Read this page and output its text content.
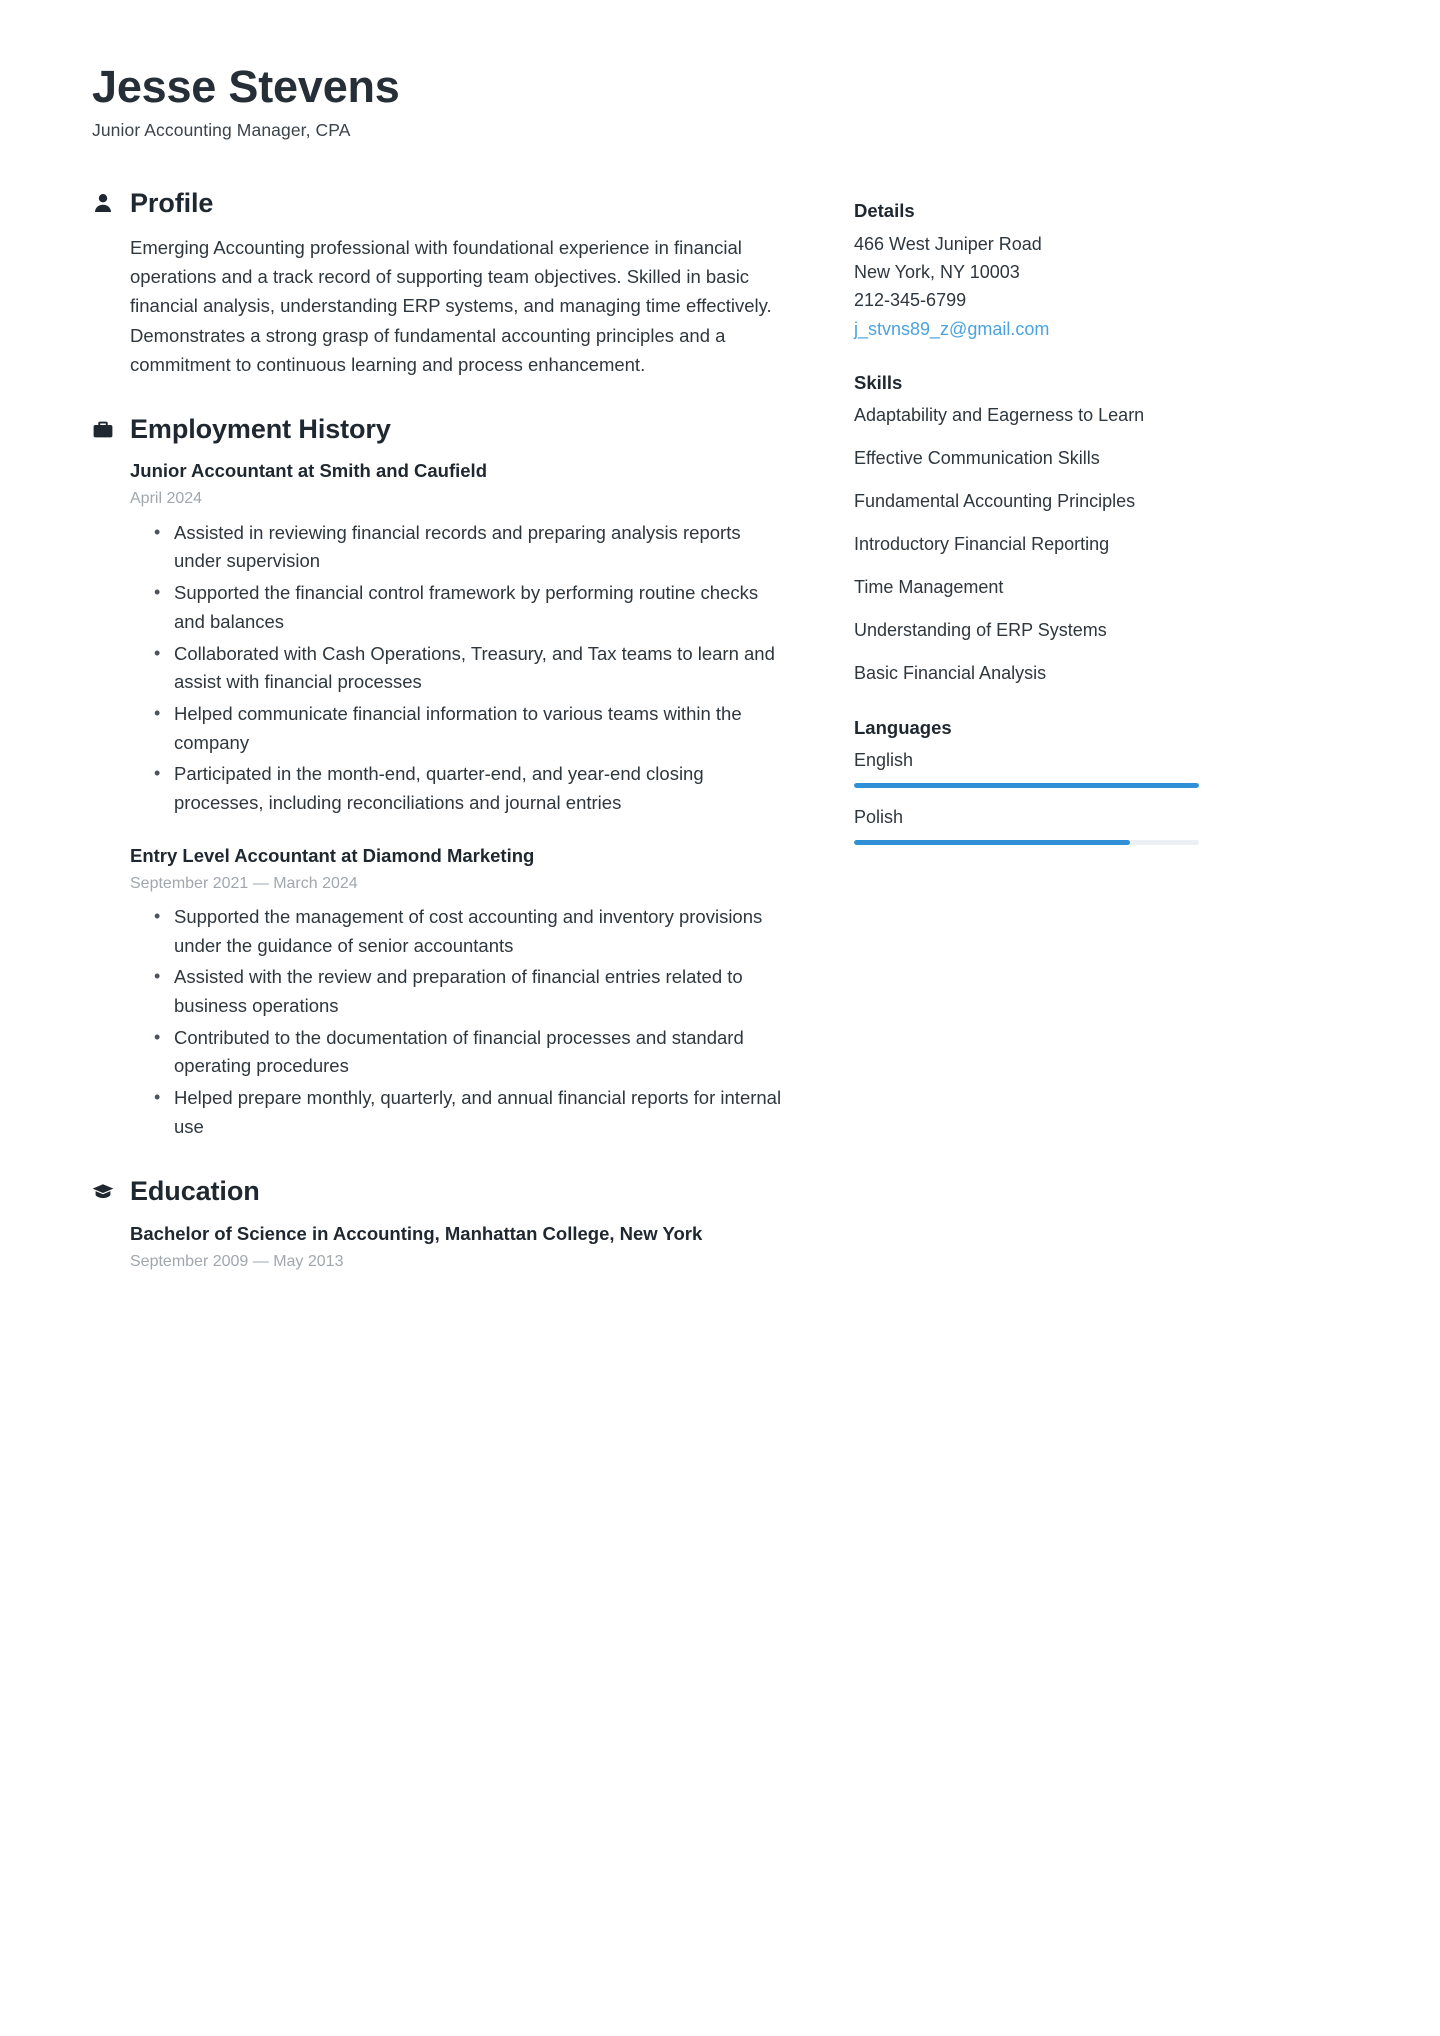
Jesse Stevens

Junior Accounting Manager, CPA

Profile

Emerging Accounting professional with foundational experience in financial operations and a track record of supporting team objectives. Skilled in basic financial analysis, understanding ERP systems, and managing time effectively. Demonstrates a strong grasp of fundamental accounting principles and a commitment to continuous learning and process enhancement.

Employment History

Junior Accountant at Smith and Caufield

April 2024

• Assisted in reviewing financial records and preparing analysis reports under supervision
• Supported the financial control framework by performing routine checks and balances
• Collaborated with Cash Operations, Treasury, and Tax teams to learn and assist with financial processes
• Helped communicate financial information to various teams within the company
• Participated in the month-end, quarter-end, and year-end closing processes, including reconciliations and journal entries

Entry Level Accountant at Diamond Marketing

September 2021 — March 2024

• Supported the management of cost accounting and inventory provisions under the guidance of senior accountants
• Assisted with the review and preparation of financial entries related to business operations
• Contributed to the documentation of financial processes and standard operating procedures
• Helped prepare monthly, quarterly, and annual financial reports for internal use
Education

Bachelor of Science in Accounting, Manhattan College, New York

September 2009 — May 2013

Details

466 West Juniper Road

New York, NY 10003

212-345-6799

j_stvns89_z@gmail.com

Skills

Adaptability and Eagerness to Learn

Effective Communication Skills

Fundamental Accounting Principles

Introductory Financial Reporting

Time Management

Understanding of ERP Systems

Basic Financial Analysis

Languages

English

Polish
